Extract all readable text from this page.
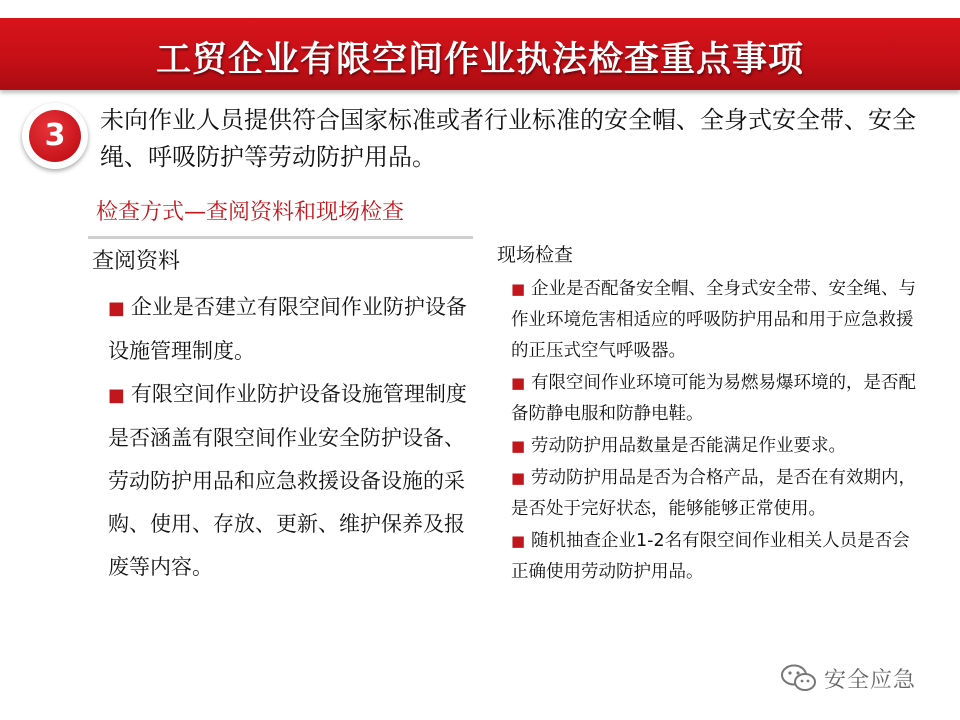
工贸企业有限空间作业执法检查重点事项
3	未向作业人员提供符合国家标准或者行业标准的安全帽、全身式安全带、安全绳、呼吸防护等劳动防护用品。
检查方式—查阅资料和现场检查
查阅资料
■ 企业是否建立有限空间作业防护设备设施管理制度。
■ 有限空间作业防护设备设施管理制度是否涵盖有限空间作业安全防护设备、劳动防护用品和应急救援设备设施的采购、使用、存放、更新、维护保养及报废等内容。
现场检查
■ 企业是否配备安全帽、全身式安全带、安全绳、与作业环境危害相适应的呼吸防护用品和用于应急救援的正压式空气呼吸器。
■ 有限空间作业环境可能为易燃易爆环境的，是否配备防静电服和防静电鞋。
■ 劳动防护用品数量是否能满足作业要求。
■ 劳动防护用品是否为合格产品，是否在有效期内，是否处于完好状态，能够能够正常使用。
■ 随机抽查企业1-2名有限空间作业相关人员是否会正确使用劳动防护用品。
安全应急
